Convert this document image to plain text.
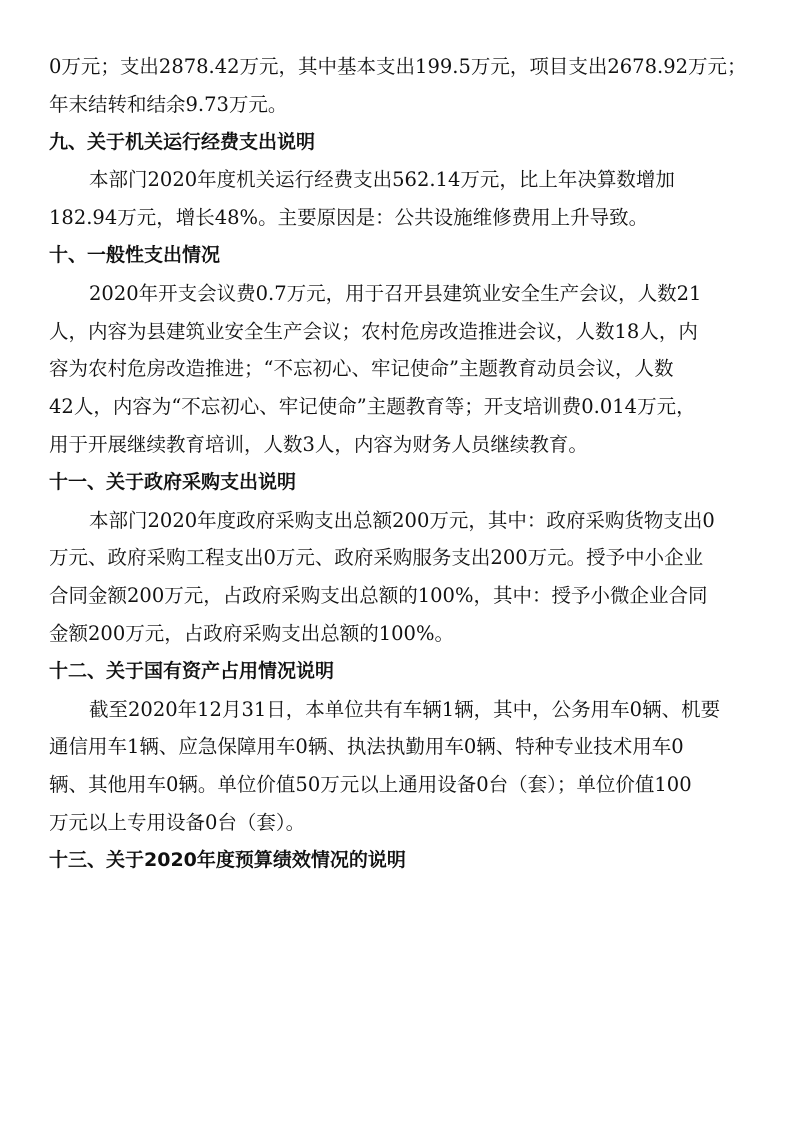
0万元；支出2878.42万元，其中基本支出199.5万元，项目支出2678.92万元；
年末结转和结余9.73万元。
九、关于机关运行经费支出说明
本部门2020年度机关运行经费支出562.14万元，比上年决算数增加
182.94万元，增长48%。主要原因是：公共设施维修费用上升导致。
十、一般性支出情况
2020年开支会议费0.7万元，用于召开县建筑业安全生产会议，人数21
人，内容为县建筑业安全生产会议；农村危房改造推进会议，人数18人，内
容为农村危房改造推进；“不忘初心、牢记使命”主题教育动员会议，人数
42人，内容为“不忘初心、牢记使命”主题教育等；开支培训费0.014万元，
用于开展继续教育培训，人数3人，内容为财务人员继续教育。
十一、关于政府采购支出说明
本部门2020年度政府采购支出总额200万元，其中：政府采购货物支出0
万元、政府采购工程支出0万元、政府采购服务支出200万元。授予中小企业
合同金额200万元，占政府采购支出总额的100%，其中：授予小微企业合同
金额200万元，占政府采购支出总额的100%。
十二、关于国有资产占用情况说明
截至2020年12月31日，本单位共有车辆1辆，其中，公务用车0辆、机要
通信用车1辆、应急保障用车0辆、执法执勤用车0辆、特种专业技术用车0
辆、其他用车0辆。单位价值50万元以上通用设备0台（套）；单位价值100
万元以上专用设备0台（套）。
十三、关于2020年度预算绩效情况的说明
